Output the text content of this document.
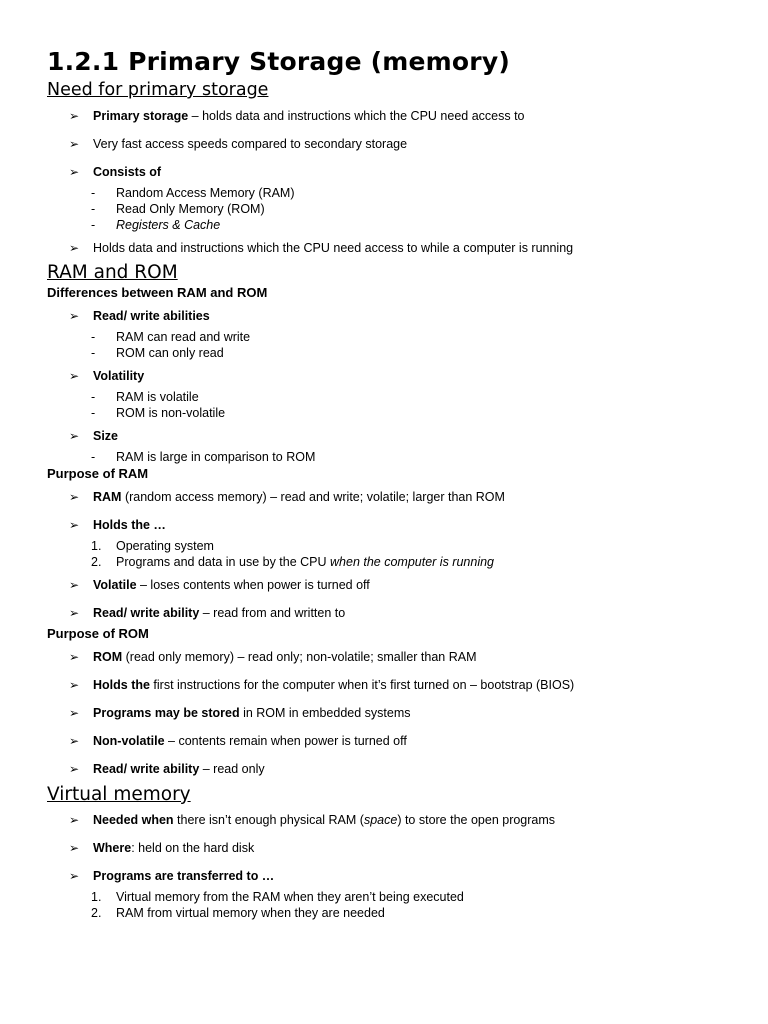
1.2.1 Primary Storage (memory)
Need for primary storage
➢ Primary storage – holds data and instructions which the CPU need access to
➢ Very fast access speeds compared to secondary storage
➢ Consists of
- Random Access Memory (RAM)
- Read Only Memory (ROM)
- Registers & Cache
➢ Holds data and instructions which the CPU need access to while a computer is running
RAM and ROM
Differences between RAM and ROM
➢ Read/ write abilities
- RAM can read and write
- ROM can only read
➢ Volatility
- RAM is volatile
- ROM is non-volatile
➢ Size
- RAM is large in comparison to ROM
Purpose of RAM
➢ RAM (random access memory) – read and write; volatile; larger than ROM
➢ Holds the …
1. Operating system
2. Programs and data in use by the CPU when the computer is running
➢ Volatile – loses contents when power is turned off
➢ Read/ write ability – read from and written to
Purpose of ROM
➢ ROM (read only memory) – read only; non-volatile; smaller than RAM
➢ Holds the first instructions for the computer when it’s first turned on – bootstrap (BIOS)
➢ Programs may be stored in ROM in embedded systems
➢ Non-volatile – contents remain when power is turned off
➢ Read/ write ability – read only
Virtual memory
➢ Needed when there isn’t enough physical RAM (space) to store the open programs
➢ Where: held on the hard disk
➢ Programs are transferred to …
1. Virtual memory from the RAM when they aren’t being executed
2. RAM from virtual memory when they are needed
